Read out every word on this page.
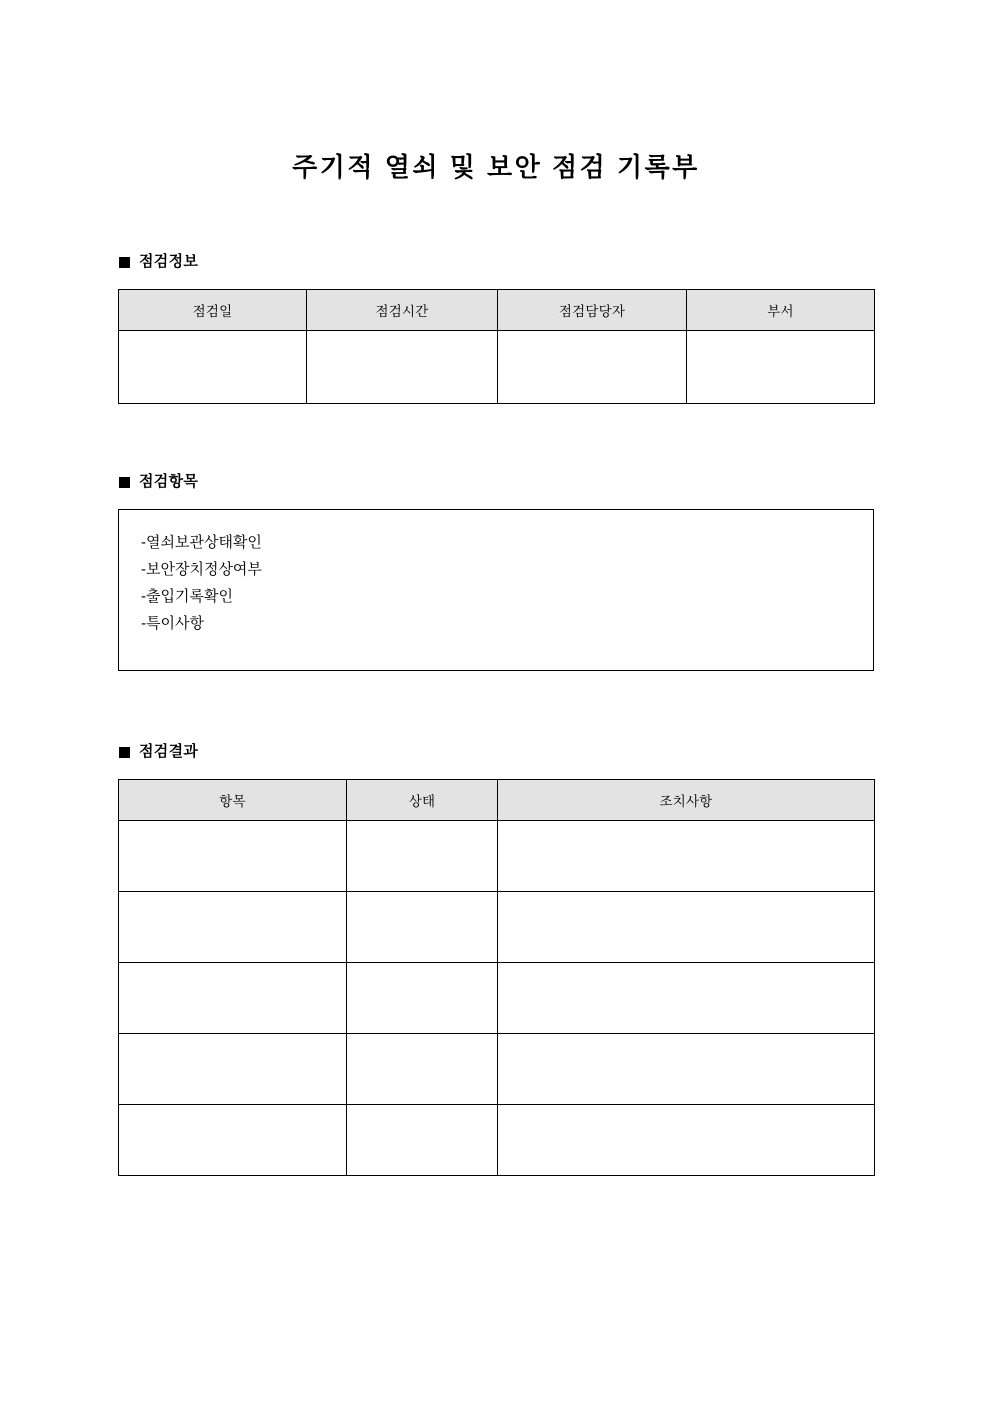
주기적 열쇠 및 보안 점검 기록부
점검정보
점검일	점검시간	점검담당자	부서

점검항목
-열쇠보관상태확인
-보안장치정상여부
-출입기록확인
-특이사항
점검결과
항목	상태	조치사항
